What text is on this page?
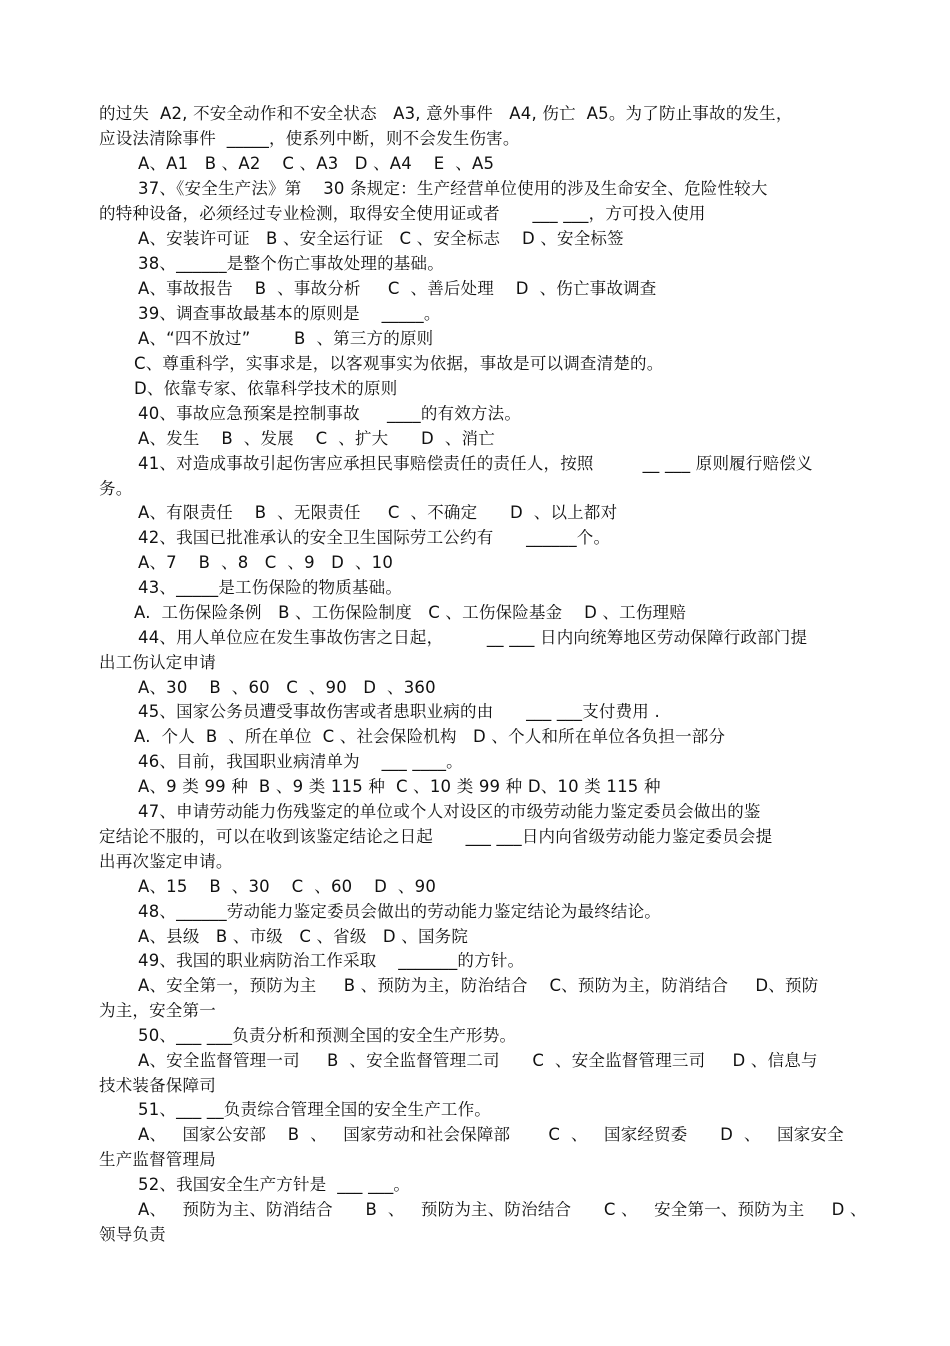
的过失  A2, 不安全动作和不安全状态   A3, 意外事件   A4, 伤亡  A5。为了防止事故的发生，
应设法清除事件  _____，使系列中断，则不会发生伤害。
A、A1   B 、A2    C 、A3   D 、A4    E  、A5
37、《安全生产法》第    30 条规定：生产经营单位使用的涉及生命安全、危险性较大
的特种设备，必须经过专业检测，取得安全使用证或者      ___ ___，方可投入使用
A、安装许可证   B 、安全运行证   C 、安全标志    D 、安全标签
38、______是整个伤亡事故处理的基础。
A、事故报告    B  、事故分析     C  、善后处理    D  、伤亡事故调查
39、调查事故最基本的原则是    _____。
A、“四不放过”        B  、第三方的原则
C、尊重科学，实事求是，以客观事实为依据，事故是可以调查清楚的。
D、依靠专家、依靠科学技术的原则
40、事故应急预案是控制事故     ____的有效方法。
A、发生    B  、发展    C  、扩大      D  、消亡
41、对造成事故引起伤害应承担民事赔偿责任的责任人，按照         __ ___ 原则履行赔偿义
务。
A、有限责任    B  、无限责任     C  、不确定      D  、以上都对
42、我国已批准承认的安全卫生国际劳工公约有      ______个。
A、7    B  、8   C  、9   D  、10
43、_____是工伤保险的物质基础。
A.  工伤保险条例   B 、工伤保险制度   C 、工伤保险基金    D 、工伤理赔
44、用人单位应在发生事故伤害之日起，        __ ___ 日内向统筹地区劳动保障行政部门提
出工伤认定申请
A、30    B  、60   C  、90   D  、360
45、国家公务员遭受事故伤害或者患职业病的由      ___ ___支付费用 .
A.  个人  B  、所在单位  C 、社会保险机构   D 、个人和所在单位各负担一部分
46、目前，我国职业病清单为    ___ ____。
A、9 类 99 种  B 、9 类 115 种  C 、10 类 99 种 D、10 类 115 种
47、申请劳动能力伤残鉴定的单位或个人对设区的市级劳动能力鉴定委员会做出的鉴
定结论不服的，可以在收到该鉴定结论之日起      ___ ___日内向省级劳动能力鉴定委员会提
出再次鉴定申请。
A、15    B  、30    C  、60    D  、90
48、______劳动能力鉴定委员会做出的劳动能力鉴定结论为最终结论。
A、县级   B 、市级   C 、省级   D 、国务院
49、我国的职业病防治工作采取    _______的方针。
A、安全第一，预防为主     B 、预防为主，防治结合    C、预防为主，防消结合     D、预防
为主，安全第一
50、___ ___负责分析和预测全国的安全生产形势。
A、安全监督管理一司     B  、安全监督管理二司      C  、安全监督管理三司     D 、信息与
技术装备保障司
51、___ __负责综合管理全国的安全生产工作。
A、   国家公安部    B  、   国家劳动和社会保障部       C  、   国家经贸委      D  、   国家安全
生产监督管理局
52、我国安全生产方针是  ___ ___。
A、   预防为主、防消结合      B  、   预防为主、防治结合      C 、   安全第一、预防为主     D 、
领导负责
